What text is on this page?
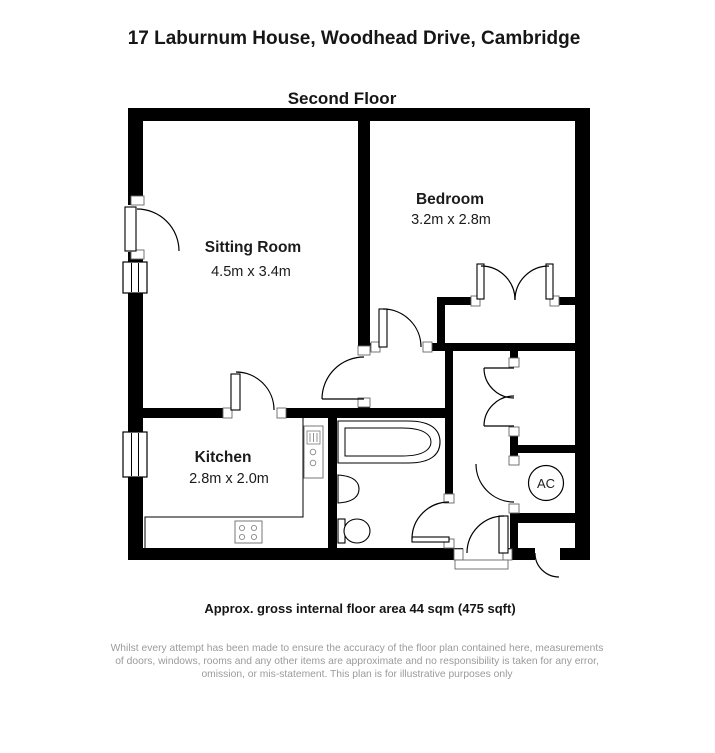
17 Laburnum House, Woodhead Drive, Cambridge
Second Floor
AC
Sitting Room
4.5m x 3.4m
Bedroom
3.2m x 2.8m
Kitchen
2.8m x 2.0m
Approx. gross internal floor area 44 sqm (475 sqft)
Whilst every attempt has been made to ensure the accuracy of the floor plan contained here, measurements
of doors, windows, rooms and any other items are approximate and no responsibility is taken for any error,
omission, or mis-statement. This plan is for illustrative purposes only
